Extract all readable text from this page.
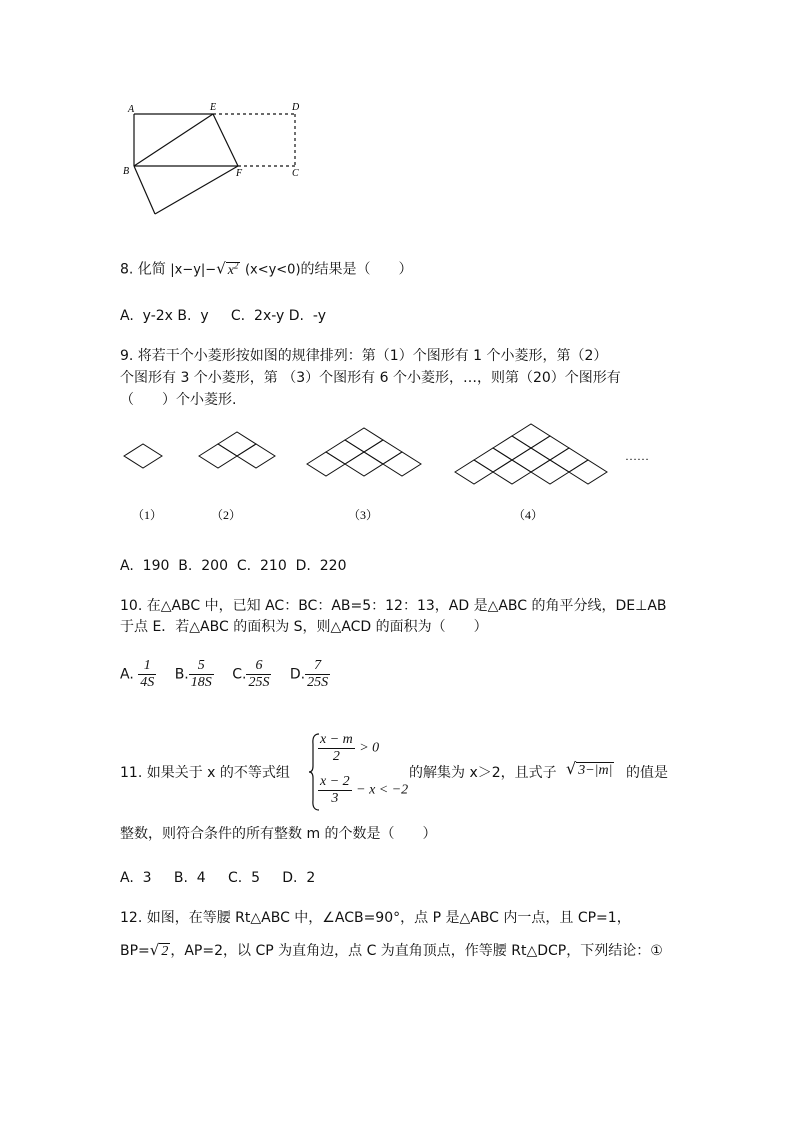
A	E	D
B	F	C
8. 化简 |x−y|−√ $x^2$ (x<y<0)的结果是（　　）
A.  y-2x B.  y     C.  2x-y D.  -y
9. 将若干个小菱形按如图的规律排列：第（1）个图形有 1 个小菱形，第（2）
个图形有 3 个小菱形，第 （3）个图形有 6 个小菱形，…，则第（20）个图形有
（　　）个小菱形.
……
（1）	（2）	（3）	（4）
A.  190  B.  200  C.  210  D.  220
10. 在△ABC 中，已知 AC：BC：AB=5：12：13，AD 是△ABC 的角平分线，DE⊥AB
于点 E．若△ABC 的面积为 S，则△ACD 的面积为（　　）
A. $\frac{1}{4S} B$. $\frac{5}{18S} C$. $\frac{6}{25S} D$. $\frac{7}{25S}$
11. 如果关于 x 的不等式组
$\frac{x - m}{2} > 0$
$\frac{x - 2}{3} - x < -2$
的解集为 x＞2，且式子 √ 3−|m| 的值是
整数，则符合条件的所有整数 m 的个数是（　　）
A.  3     B.  4     C.  5     D.  2
12. 如图，在等腰 Rt△ABC 中，∠ACB=90°，点 P 是△ABC 内一点，且 CP=1，
BP=√ 2 ，AP=2，以 CP 为直角边，点 C 为直角顶点，作等腰 Rt△DCP，下列结论：①
